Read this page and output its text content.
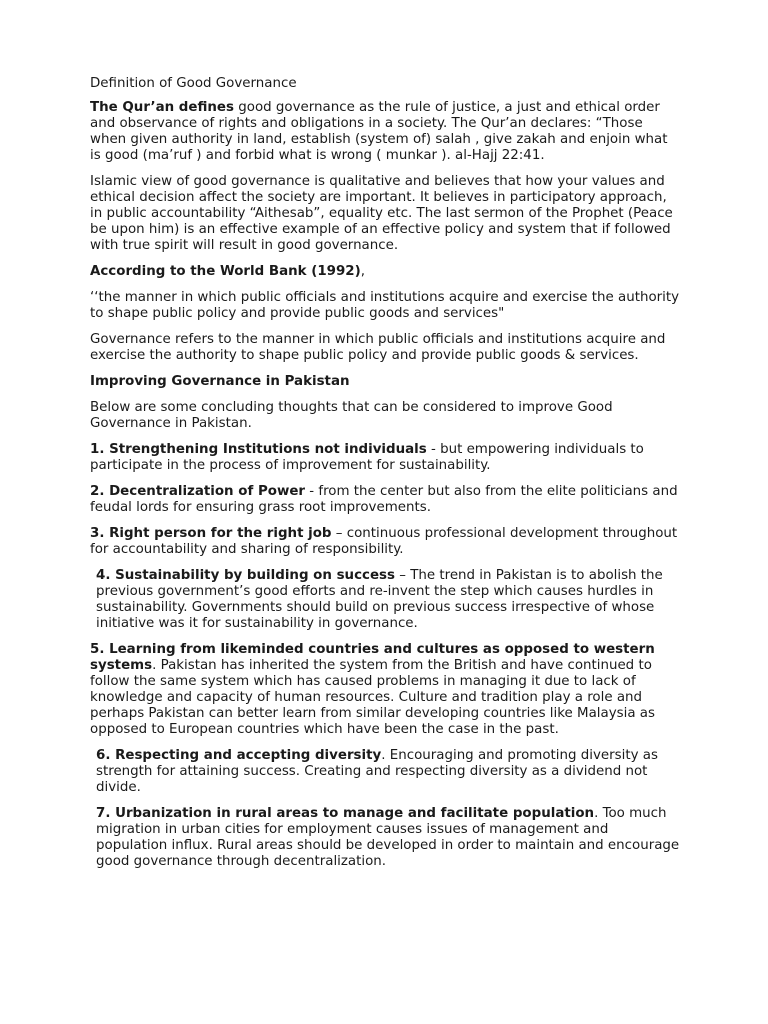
Definition of Good Governance

The Qur’an defines good governance as the rule of justice, a just and ethical order and observance of rights and obligations in a society. The Qur’an declares: “Those when given authority in land, establish (system of) salah , give zakah and enjoin what is good (ma’ruf ) and forbid what is wrong ( munkar ). al-Hajj 22:41.

Islamic view of good governance is qualitative and believes that how your values and ethical decision affect the society are important. It believes in participatory approach, in public accountability “Aithesab”, equality etc. The last sermon of the Prophet (Peace be upon him) is an effective example of an effective policy and system that if followed with true spirit will result in good governance.

According to the World Bank (1992),

‘‘the manner in which public officials and institutions acquire and exercise the authority to shape public policy and provide public goods and services"

Governance refers to the manner in which public officials and institutions acquire and exercise the authority to shape public policy and provide public goods & services.

Improving Governance in Pakistan

Below are some concluding thoughts that can be considered to improve Good Governance in Pakistan.

1. Strengthening Institutions not individuals - but empowering individuals to participate in the process of improvement for sustainability.

2. Decentralization of Power - from the center but also from the elite politicians and feudal lords for ensuring grass root improvements.

3. Right person for the right job – continuous professional development throughout for accountability and sharing of responsibility.

4. Sustainability by building on success – The trend in Pakistan is to abolish the previous government’s good efforts and re-invent the step which causes hurdles in sustainability. Governments should build on previous success irrespective of whose initiative was it for sustainability in governance.

5. Learning from likeminded countries and cultures as opposed to western systems. Pakistan has inherited the system from the British and have continued to follow the same system which has caused problems in managing it due to lack of knowledge and capacity of human resources. Culture and tradition play a role and perhaps Pakistan can better learn from similar developing countries like Malaysia as opposed to European countries which have been the case in the past.

6. Respecting and accepting diversity. Encouraging and promoting diversity as strength for attaining success. Creating and respecting diversity as a dividend not divide.

7. Urbanization in rural areas to manage and facilitate population. Too much migration in urban cities for employment causes issues of management and population influx. Rural areas should be developed in order to maintain and encourage good governance through decentralization.
